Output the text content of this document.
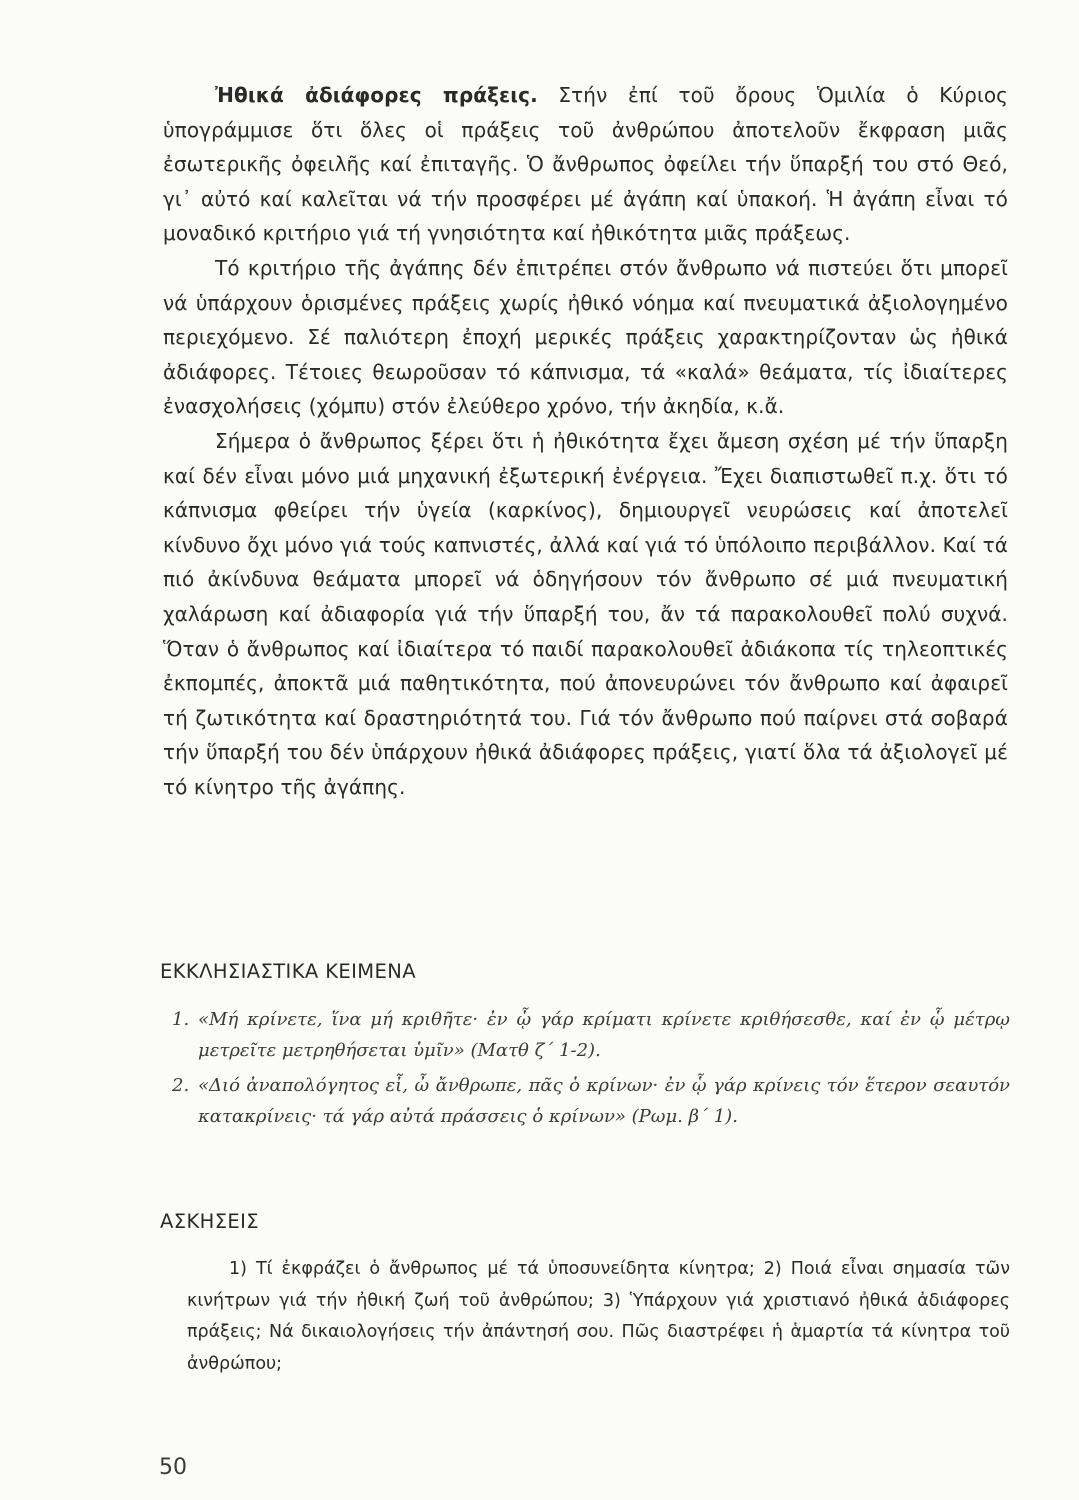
Ἠθικά ἀδιάφορες πράξεις. Στήν ἐπί τοῦ ὄρους Ὁμιλία ὁ Κύριος ὑπογράμμισε ὅτι ὅλες οἱ πράξεις τοῦ ἀνθρώπου ἀποτελοῦν ἔκφραση μιᾶς ἐσωτερικῆς ὀφειλῆς καί ἐπιταγῆς. Ὁ ἄνθρωπος ὀφείλει τήν ὕπαρξή του στό Θεό, γι᾽ αὐτό καί καλεῖται νά τήν προσφέρει μέ ἀγάπη καί ὑπακοή. Ἡ ἀγάπη εἶναι τό μοναδικό κριτήριο γιά τή γνησιότητα καί ἠθικότητα μιᾶς πράξεως.

Τό κριτήριο τῆς ἀγάπης δέν ἐπιτρέπει στόν ἄνθρωπο νά πιστεύει ὅτι μπορεῖ νά ὑπάρχουν ὁρισμένες πράξεις χωρίς ἠθικό νόημα καί πνευματικά ἀξιολογημένο περιεχόμενο. Σέ παλιότερη ἐποχή μερικές πράξεις χαρακτηρίζονταν ὡς ἠθικά ἀδιάφορες. Τέτοιες θεωροῦσαν τό κάπνισμα, τά «καλά» θεάματα, τίς ἰδιαίτερες ἐνασχολήσεις (χόμπυ) στόν ἐλεύθερο χρόνο, τήν ἀκηδία, κ.ἄ.

Σήμερα ὁ ἄνθρωπος ξέρει ὅτι ἡ ἠθικότητα ἔχει ἄμεση σχέση μέ τήν ὕπαρξη καί δέν εἶναι μόνο μιά μηχανική ἐξωτερική ἐνέργεια. Ἔχει διαπιστωθεῖ π.χ. ὅτι τό κάπνισμα φθείρει τήν ὑγεία (καρκίνος), δημιουργεῖ νευρώσεις καί ἀποτελεῖ κίνδυνο ὄχι μόνο γιά τούς καπνιστές, ἀλλά καί γιά τό ὑπόλοιπο περιβάλλον. Καί τά πιό ἀκίνδυνα θεάματα μπορεῖ νά ὁδηγήσουν τόν ἄνθρωπο σέ μιά πνευματική χαλάρωση καί ἀδιαφορία γιά τήν ὕπαρξή του, ἄν τά παρακολουθεῖ πολύ συχνά. Ὅταν ὁ ἄνθρωπος καί ἰδιαίτερα τό παιδί παρακολουθεῖ ἀδιάκοπα τίς τηλεοπτικές ἐκπομπές, ἀποκτᾶ μιά παθητικότητα, πού ἀπονευρώνει τόν ἄνθρωπο καί ἀφαιρεῖ τή ζωτικότητα καί δραστηριότητά του. Γιά τόν ἄνθρωπο πού παίρνει στά σοβαρά τήν ὕπαρξή του δέν ὑπάρχουν ἠθικά ἀδιάφορες πράξεις, γιατί ὅλα τά ἀξιολογεῖ μέ τό κίνητρο τῆς ἀγάπης.

ΕΚΚΛΗΣΙΑΣΤΙΚΑ ΚΕΙΜΕΝΑ
1. «Μή κρίνετε, ἵνα μή κριθῆτε· ἐν ᾧ γάρ κρίματι κρίνετε κριθήσεσθε, καί ἐν ᾧ μέτρῳ μετρεῖτε μετρηθήσεται ὑμῖν» (Ματθ ζ΄ 1-2).
2. «Διό ἀναπολόγητος εἶ, ὦ ἄνθρωπε, πᾶς ὁ κρίνων· ἐν ᾧ γάρ κρίνεις τόν ἕτερον σεαυτόν κατακρίνεις· τά γάρ αὐτά πράσσεις ὁ κρίνων» (Ρωμ. β΄ 1).
ΑΣΚΗΣΕΙΣ
1) Τί ἐκφράζει ὁ ἄνθρωπος μέ τά ὑποσυνείδητα κίνητρα; 2) Ποιά εἶναι σημασία τῶν κινήτρων γιά τήν ἠθική ζωή τοῦ ἀνθρώπου; 3) Ὑπάρχουν γιά χριστιανό ἠθικά ἀδιάφορες πράξεις; Νά δικαιολογήσεις τήν ἀπάντησή σου. Πῶς διαστρέφει ἡ ἁμαρτία τά κίνητρα τοῦ ἀνθρώπου;
50
